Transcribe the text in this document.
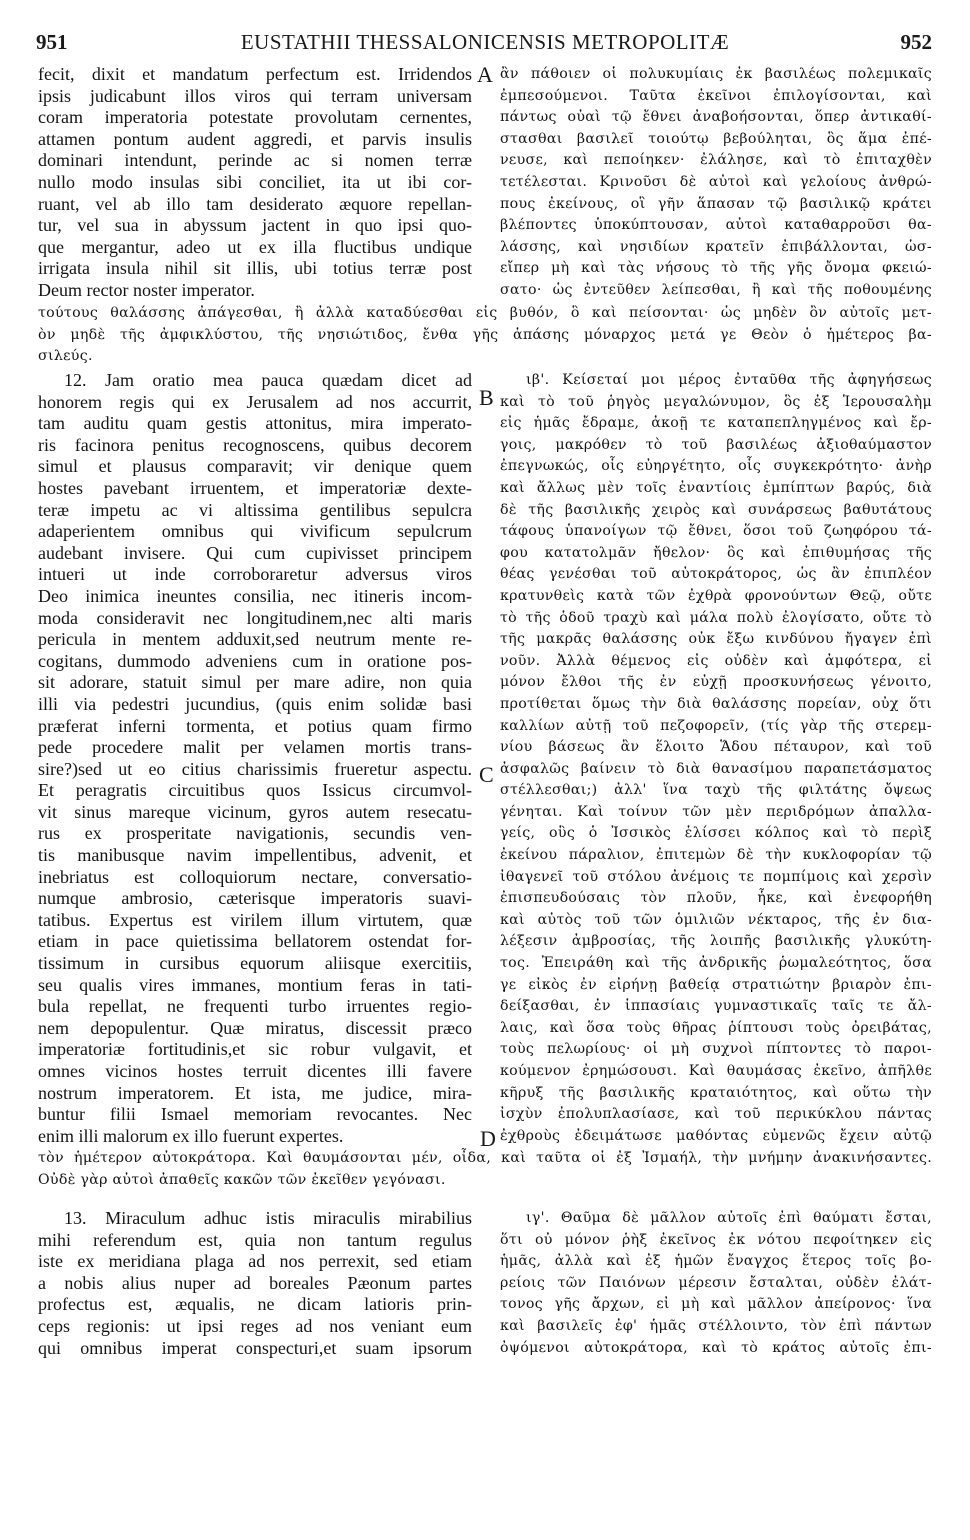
951	EUSTATHII THESSALONICENSIS METROPOLITÆ	952
fecit, dixit et mandatum perfectum est. Irridendos
ipsis judicabunt illos viros qui terram universam
coram imperatoria potestate provolutam cernentes,
attamen pontum audent aggredi, et parvis insulis
dominari intendunt, perinde ac si nomen terræ
nullo modo insulas sibi conciliet, ita ut ibi cor-
ruant, vel ab illo tam desiderato æquore repellan-
tur, vel sua in abyssum jactent in quo ipsi quo-
que mergantur, adeo ut ex illa fluctibus undique
irrigata insula nihil sit illis, ubi totius terræ post
Deum rector noster imperator.
ἂν πάθοιεν οἱ πολυκυμίαις ἐκ βασιλέως πολεμικαῖς
ἐμπεσούμενοι. Ταῦτα ἐκεῖνοι ἐπιλογίσονται, καὶ
πάντως οὐαὶ τῷ ἔθνει ἀναβοήσονται, ὅπερ ἀντικαθί-
στασθαι βασιλεῖ τοιούτῳ βεβούληται, ὃς ἅμα ἐπέ-
νευσε, καὶ πεποίηκεν· ἐλάλησε, καὶ τὸ ἐπιταχθὲν
τετέλεσται. Κρινοῦσι δὲ αὐτοὶ καὶ γελοίους ἀνθρώ-
πους ἐκείνους, οἳ γῆν ἅπασαν τῷ βασιλικῷ κράτει
βλέποντες ὑποκύπτουσαν, αὐτοὶ καταθαρροῦσι θα-
λάσσης, καὶ νησιδίων κρατεῖν ἐπιβάλλονται, ὡσ-
εἴπερ μὴ καὶ τὰς νήσους τὸ τῆς γῆς ὄνομα φκειώ-
σατο· ὡς ἐντεῦθεν λείπεσθαι, ἢ καὶ τῆς ποθουμένης
τούτους θαλάσσης ἀπάγεσθαι, ἢ ἀλλὰ καταδύεσθαι εἰς βυθόν, ὃ καὶ πείσονται· ὡς μηδὲν ὂν αὐτοῖς μετ-
ὸν μηδὲ τῆς ἀμφικλύστου, τῆς νησιώτιδος, ἔνθα γῆς ἁπάσης μόναρχος μετά γε Θεὸν ὁ ἡμέτερος βα-
σιλεύς.
12. Jam oratio mea pauca quædam dicet ad
honorem regis qui ex Jerusalem ad nos accurrit,
tam auditu quam gestis attonitus, mira imperato-
ris facinora penitus recognoscens, quibus decorem
simul et plausus comparavit; vir denique quem
hostes pavebant irruentem, et imperatoriæ dexte-
teræ impetu ac vi altissima gentilibus sepulcra
adaperientem omnibus qui vivificum sepulcrum
audebant invisere. Qui cum cupivisset principem
intueri ut inde corroboraretur adversus viros
Deo inimica ineuntes consilia, nec itineris incom-
moda consideravit nec longitudinem,nec alti maris
pericula in mentem adduxit,sed neutrum mente re-
cogitans, dummodo adveniens cum in oratione pos-
sit adorare, statuit simul per mare adire, non quia
illi via pedestri jucundius, (quis enim solidæ basi
præferat inferni tormenta, et potius quam firmo
pede procedere malit per velamen mortis trans-
sire?)sed ut eo citius charissimis frueretur aspectu.
Et peragratis circuitibus quos Issicus circumvol-
vit sinus mareque vicinum, gyros autem resecatu-
rus ex prosperitate navigationis, secundis ven-
tis manibusque navim impellentibus, advenit, et
inebriatus est colloquiorum nectare, conversatio-
numque ambrosio, cæterisque imperatoris suavi-
tatibus. Expertus est virilem illum virtutem, quæ
etiam in pace quietissima bellatorem ostendat for-
tissimum in cursibus equorum aliisque exercitiis,
seu qualis vires immanes, montium feras in tati-
bula repellat, ne frequenti turbo irruentes regio-
nem depopulentur. Quæ miratus, discessit præco
imperatoriæ fortitudinis,et sic robur vulgavit, et
omnes vicinos hostes terruit dicentes illi favere
nostrum imperatorem. Et ista, me judice, mira-
buntur filii Ismael memoriam revocantes. Nec
enim illi malorum ex illo fuerunt expertes.
ιβ'. Κείσεταί μοι μέρος ἐνταῦθα τῆς ἀφηγήσεως
καὶ τὸ τοῦ ῥηγὸς μεγαλώνυμον, ὃς ἐξ Ἱερουσαλὴμ
εἰς ἡμᾶς ἔδραμε, ἀκοῇ τε καταπεπληγμένος καὶ ἔρ-
γοις, μακρόθεν τὸ τοῦ βασιλέως ἀξιοθαύμαστον
ἐπεγνωκώς, οἷς εὐηργέτητο, οἷς συγκεκρότητο· ἀνὴρ
καὶ ἄλλως μὲν τοῖς ἐναντίοις ἐμπίπτων βαρύς, διὰ
δὲ τῆς βασιλικῆς χειρὸς καὶ συνάρσεως βαθυτάτους
τάφους ὑπανοίγων τῷ ἔθνει, ὅσοι τοῦ ζωηφόρου τά-
φου κατατολμᾶν ἤθελον· ὃς καὶ ἐπιθυμήσας τῆς
θέας γενέσθαι τοῦ αὐτοκράτορος, ὡς ἂν ἐπιπλέον
κρατυνθεὶς κατὰ τῶν ἐχθρὰ φρονούντων Θεῷ, οὔτε
τὸ τῆς ὁδοῦ τραχὺ καὶ μάλα πολὺ ἐλογίσατο, οὔτε τὸ
τῆς μακρᾶς θαλάσσης οὐκ ἔξω κινδύνου ἤγαγεν ἐπὶ
νοῦν. Ἀλλὰ θέμενος εἰς οὐδὲν καὶ ἀμφότερα, εἰ
μόνον ἔλθοι τῆς ἐν εὐχῇ προσκυνήσεως γένοιτο,
προτίθεται ὅμως τὴν διὰ θαλάσσης πορείαν, οὐχ ὅτι
καλλίων αὐτῇ τοῦ πεζοφορεῖν, (τίς γὰρ τῆς στερεμ-
νίου βάσεως ἂν ἕλοιτο Ἅδου πέταυρον, καὶ τοῦ
ἀσφαλῶς βαίνειν τὸ διὰ θανασίμου παραπετάσματος
στέλλεσθαι;) ἀλλ' ἵνα ταχὺ τῆς φιλτάτης ὄψεως
γένηται. Καὶ τοίνυν τῶν μὲν περιδρόμων ἀπαλλα-
γείς, οὓς ὁ Ἰσσικὸς ἑλίσσει κόλπος καὶ τὸ περὶξ
ἐκείνου πάραλιον, ἐπιτεμὼν δὲ τὴν κυκλοφορίαν τῷ
ἰθαγενεῖ τοῦ στόλου ἀνέμοις τε πομπίμοις καὶ χερσὶν
ἐπισπευδούσαις τὸν πλοῦν, ἧκε, καὶ ἐνεφορήθη
καὶ αὐτὸς τοῦ τῶν ὁμιλιῶν νέκταρος, τῆς ἐν δια-
λέξεσιν ἀμβροσίας, τῆς λοιπῆς βασιλικῆς γλυκύτη-
τος. Ἐπειράθη καὶ τῆς ἀνδρικῆς ῥωμαλεότητος, ὅσα
γε εἰκὸς ἐν εἰρήνῃ βαθείᾳ στρατιώτην βριαρὸν ἐπι-
δείξασθαι, ἐν ἱππασίαις γυμναστικαῖς ταῖς τε ἄλ-
λαις, καὶ ὅσα τοὺς θῆρας ῥίπτουσι τοὺς ὀρειβάτας,
τοὺς πελωρίους· οἱ μὴ συχνοὶ πίπτοντες τὸ παροι-
κούμενον ἐρημώσουσι. Καὶ θαυμάσας ἐκεῖνο, ἀπῆλθε
κῆρυξ τῆς βασιλικῆς κραταιότητος, καὶ οὕτω τὴν
ἰσχὺν ἐπολυπλασίασε, καὶ τοῦ περικύκλου πάντας
ἐχθροὺς ἐδειμάτωσε μαθόντας εὐμενῶς ἔχειν αὐτῷ
τὸν ἡμέτερον αὐτοκράτορα. Καὶ θαυμάσονται μέν, οἶδα, καὶ ταῦτα οἱ ἐξ Ἰσμαήλ, τὴν μνήμην ἀνακινήσαντες.
Οὐδὲ γὰρ αὐτοὶ ἀπαθεῖς κακῶν τῶν ἐκεῖθεν γεγόνασι.
13. Miraculum adhuc istis miraculis mirabilius
mihi referendum est, quia non tantum regulus
iste ex meridiana plaga ad nos perrexit, sed etiam
a nobis alius nuper ad boreales Pæonum partes
profectus est, æqualis, ne dicam latioris prin-
ceps regionis: ut ipsi reges ad nos veniant eum
qui omnibus imperat conspecturi,et suam ipsorum
ιγ'. Θαῦμα δὲ μᾶλλον αὐτοῖς ἐπὶ θαύματι ἔσται,
ὅτι οὐ μόνον ῥὴξ ἐκεῖνος ἐκ νότου πεφοίτηκεν εἰς
ἡμᾶς, ἀλλὰ καὶ ἐξ ἡμῶν ἔναγχος ἕτερος τοῖς βο-
ρείοις τῶν Παιόνων μέρεσιν ἔσταλται, οὐδὲν ἐλάτ-
τονος γῆς ἄρχων, εἰ μὴ καὶ μᾶλλον ἀπείρονος· ἵνα
καὶ βασιλεῖς ἐφ' ἡμᾶς στέλλοιντο, τὸν ἐπὶ πάντων
ὀψόμενοι αὐτοκράτορα, καὶ τὸ κράτος αὐτοῖς ἐπι-
A
B
C
D
